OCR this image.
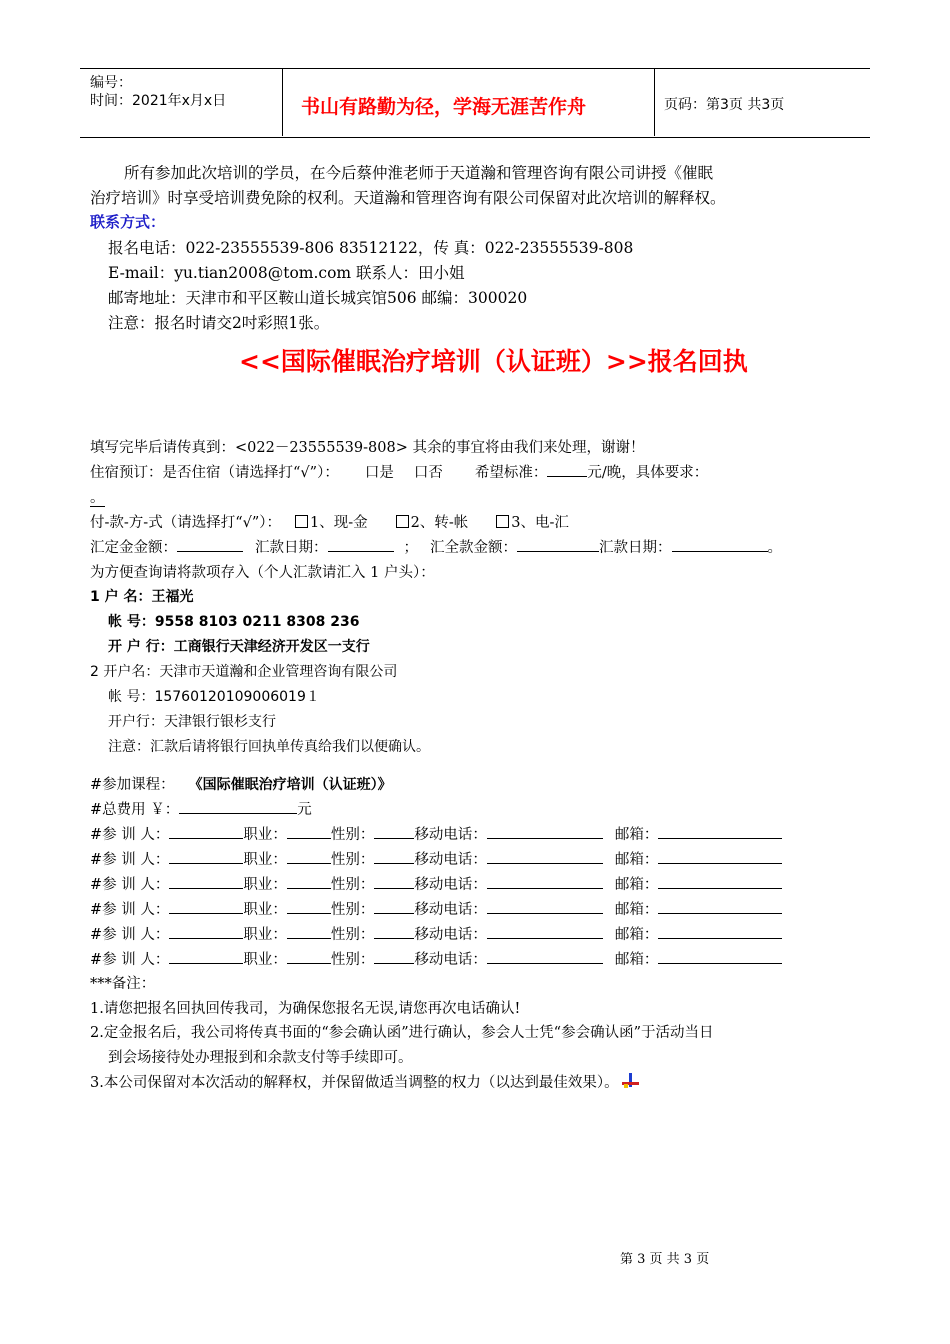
编号：
时间：2021年x月x日	书山有路勤为径，学海无涯苦作舟	页码：第3页 共3页
所有参加此次培训的学员，在今后蔡仲淮老师于天道瀚和管理咨询有限公司讲授《催眠
治疗培训》时享受培训费免除的权利。天道瀚和管理咨询有限公司保留对此次培训的解释权。
联系方式：
报名电话：022-23555539-806 83512122，传 真：022-23555539-808
E-mail：yu.tian2008@tom.com 联系人：田小姐
邮寄地址：天津市和平区鞍山道长城宾馆506 邮编：300020
注意：报名时请交2吋彩照1张。
<<国际催眠治疗培训（认证班）>>报名回执
填写完毕后请传真到：<022－23555539-808> 其余的事宜将由我们来处理，谢谢！
住宿预订：是否住宿（请选择打“√”）： 口是 口否 希望标准：	元/晚，具体要求：
。
付-款-方-式（请选择打“√”）： 1、现-金	2、转-帐	3、电-汇
汇定金金额：	汇款日期：	； 汇全款金额：	汇款日期：	。
为方便查询请将款项存入（个人汇款请汇入 1 户头）：
1 户 名：王福光
帐 号：9558 8103 0211 8308 236
开 户 行：工商银行天津经济开发区一支行
2 开户名：天津市天道瀚和企业管理咨询有限公司
帐 号：15760120109006019１
开户行：天津银行银杉支行
注意：汇款后请将银行回执单传真给我们以便确认。
#参加课程： 《国际催眠治疗培训（认证班）》
#总费用 ￥：	元
#参 训 人：	职业：	性别：	移动电话：	邮箱：
#参 训 人：	职业：	性别：	移动电话：	邮箱：
#参 训 人：	职业：	性别：	移动电话：	邮箱：
#参 训 人：	职业：	性别：	移动电话：	邮箱：
#参 训 人：	职业：	性别：	移动电话：	邮箱：
#参 训 人：	职业：	性别：	移动电话：	邮箱：
***备注：
1.请您把报名回执回传我司，为确保您报名无误,请您再次电话确认!
2.定金报名后，我公司将传真书面的“参会确认函”进行确认，参会人士凭“参会确认函”于活动当日
到会场接待处办理报到和余款支付等手续即可。
3.本公司保留对本次活动的解释权，并保留做适当调整的权力（以达到最佳效果）。
第 3 页 共 3 页
